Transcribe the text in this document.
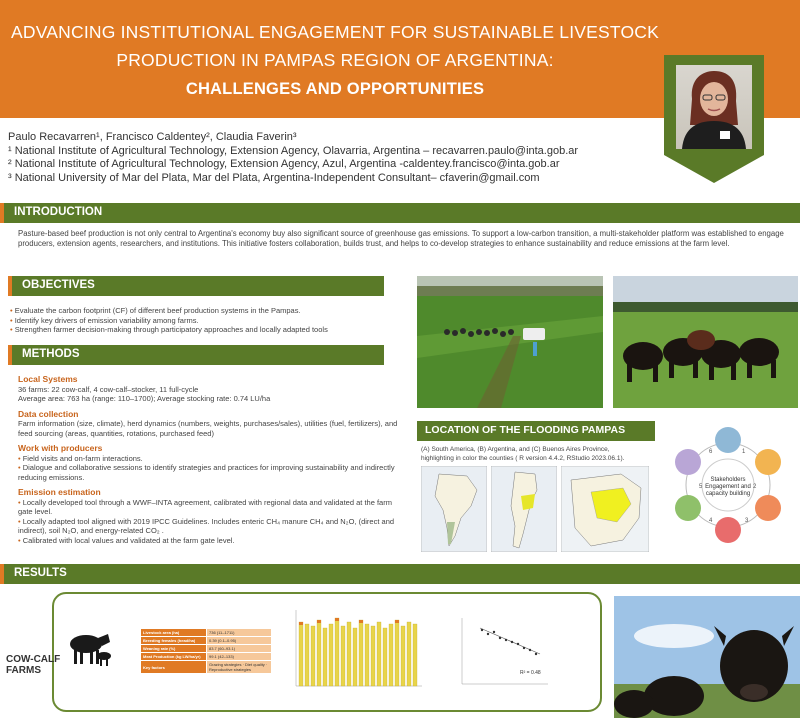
ADVANCING INSTITUTIONAL ENGAGEMENT FOR SUSTAINABLE LIVESTOCK
PRODUCTION IN PAMPAS REGION OF ARGENTINA:
CHALLENGES AND OPPORTUNITIES
Paulo Recavarren¹, Francisco Caldentey², Claudia Faverin³
¹ National Institute of Agricultural Technology, Extension Agency, Olavarria, Argentina – recavarren.paulo@inta.gob.ar
² National Institute of Agricultural Technology, Extension Agency, Azul, Argentina -caldentey.francisco@inta.gob.ar
³ National University of Mar del Plata, Mar del Plata, Argentina-Independent Consultant– cfaverin@gmail.com
INTRODUCTION
Pasture-based beef production is not only central to Argentina's economy buy also significant source of greenhouse gas emissions. To support a low-carbon transition, a multi-stakeholder platform was established to engage producers, extension agents, researchers, and institutions. This initiative fosters collaboration, builds trust, and helps to co-develop strategies to enhance sustainability and reduce emissions at the farm level.
OBJECTIVES
• Evaluate the carbon footprint (CF) of different beef production systems in the Pampas.
• Identify key drivers of emission variability among farms.
• Strengthen farmer decision-making through participatory approaches and locally adapted tools
METHODS
Local Systems
36 farms: 22 cow-calf, 4 cow-calf–stocker, 11 full-cycle
Average area: 763 ha (range: 110–1700); Average stocking rate: 0.74 LU/ha
Data collection
Farm information (size, climate), herd dynamics (numbers, weights, purchases/sales), utilities (fuel, fertilizers), and feed sourcing (areas, quantities, rotations, purchased feed)
Work with producers
• Field visits and on-farm interactions.
• Dialogue and collaborative sessions to identify strategies and practices for improving sustainability and indirectly reducing emissions.
Emission estimation
• Locally developed tool through a WWF–INTA agreement, calibrated with regional data and validated at the farm gate level.
• Locally adapted tool aligned with 2019 IPCC Guidelines. Includes enteric CH₄ manure CH₄ and N₂O, (direct and indirect), soil N₂O, and energy-related CO₂ .
• Calibrated with local values and validated at the farm gate level.
LOCATION OF THE FLOODING PAMPAS
(A) South America, (B) Argentina, and (C) Buenos Aires Province,
highlighting in color the counties ( R version 4.4.2, RStudio 2023.06.1).
Stakeholders
Engagement and
capacity building
1
2
3
4
5
6
RESULTS
COW-CALF
FARMS
Livestock area (ha)	736 (11–1711)
Breeding females (head/ha)	0.39 (0.1–0.95)
Weaning rate (%)	83.7 (60–93.1)
Meat Production (kg LW/ha/yr)	99.1 (42–133)
Key factors	Grazing strategies · Diet quality · Reproductive strategies
R² = 0.48
